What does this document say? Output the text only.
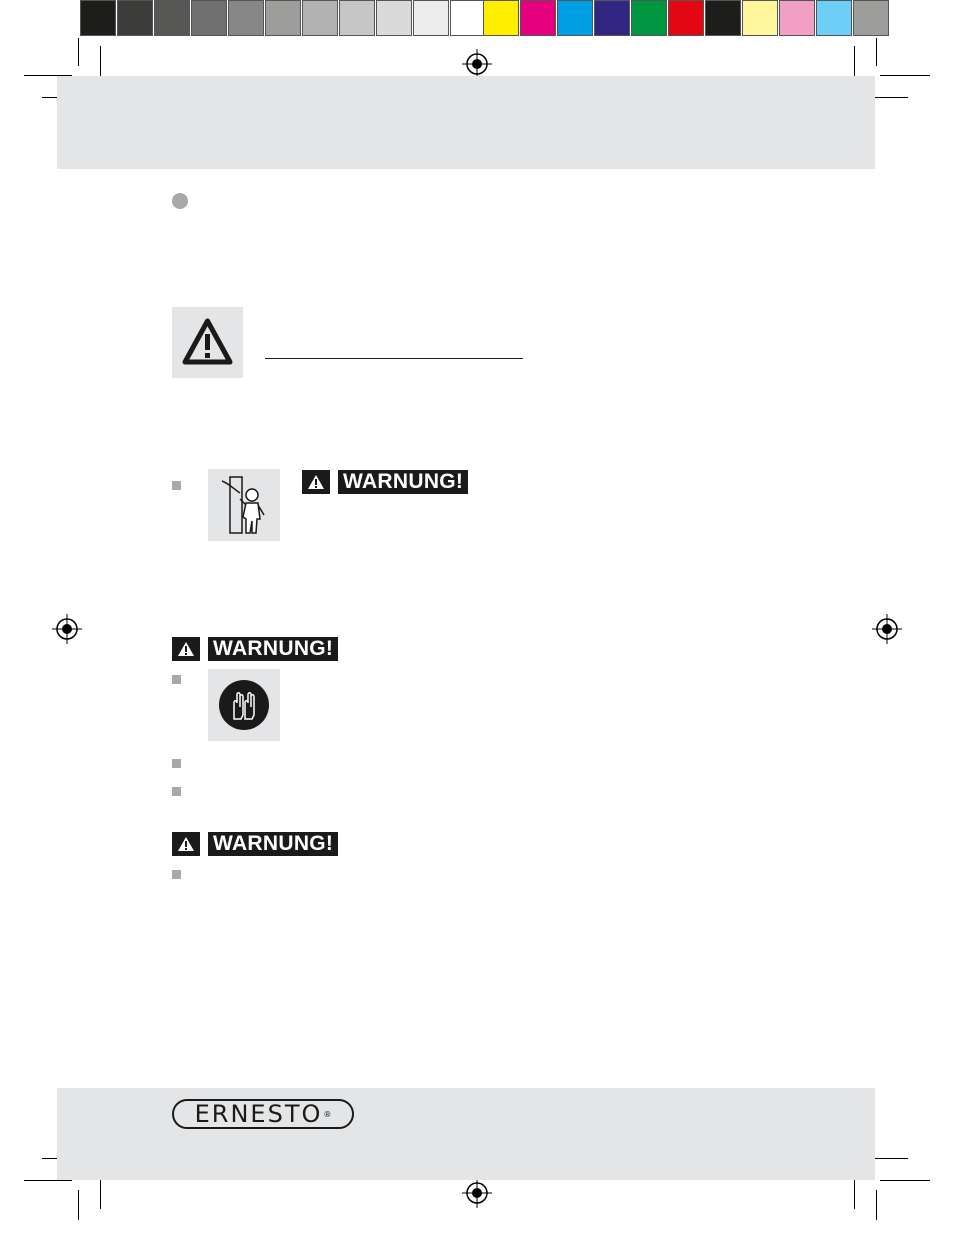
WARNUNG!
WARNUNG!
WARNUNG!
ERNESTO ®
